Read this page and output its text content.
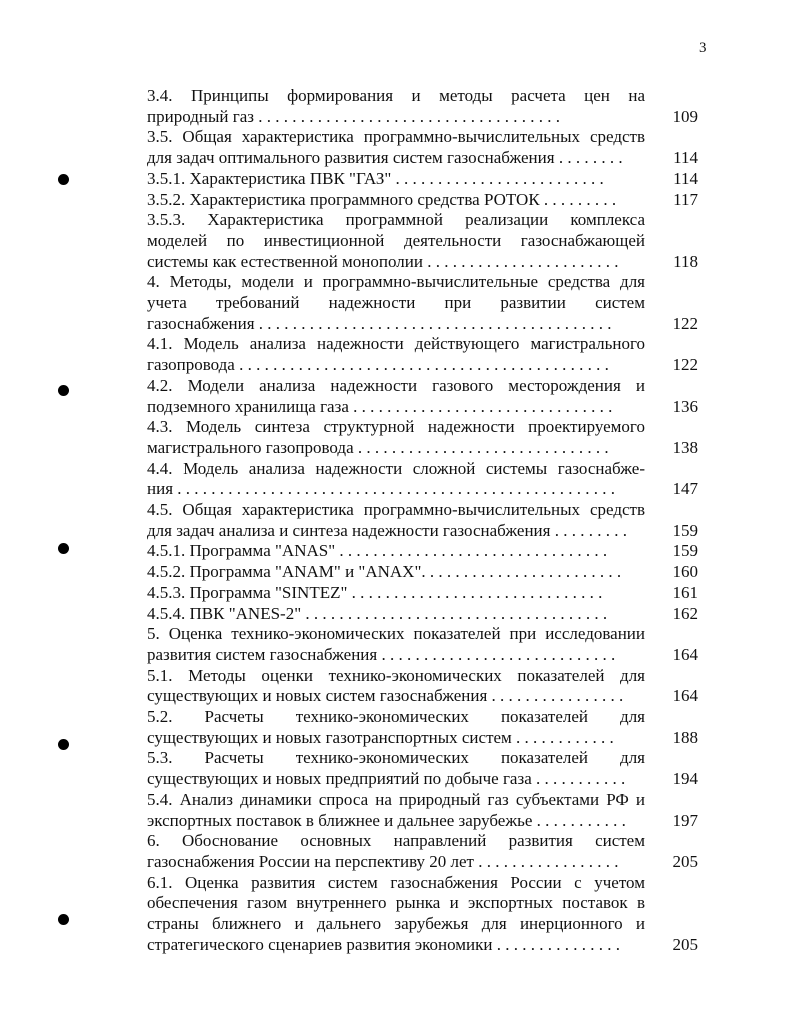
3
3.4. Принципы формирования и методы расчета цен на
природный газ . . . . . . . . . . . . . . . . . . . . . . . . . . . . . . . . . . . .	109
3.5. Общая характеристика программно-вычислительных средств
для задач оптимального развития систем газоснабжения . . . . . . . .	114
3.5.1. Характеристика ПВК "ГАЗ" . . . . . . . . . . . . . . . . . . . . . . . . .	114
3.5.2. Характеристика программного средства РОТОК . . . . . . . . .	117
3.5.3. Характеристика программной реализации комплекса
моделей по инвестиционной деятельности газоснабжающей
системы как естественной монополии . . . . . . . . . . . . . . . . . . . . . . .	118
4. Методы, модели и программно-вычислительные средства для
учета требований надежности при развитии систем
газоснабжения . . . . . . . . . . . . . . . . . . . . . . . . . . . . . . . . . . . . . . . . . .	122
4.1. Модель анализа надежности действующего магистрального
газопровода . . . . . . . . . . . . . . . . . . . . . . . . . . . . . . . . . . . . . . . . . . . .	122
4.2. Модели анализа надежности газового месторождения и
подземного хранилища газа . . . . . . . . . . . . . . . . . . . . . . . . . . . . . . .	136
4.3. Модель синтеза структурной надежности проектируемого
магистрального газопровода . . . . . . . . . . . . . . . . . . . . . . . . . . . . . .	138
4.4. Модель анализа надежности сложной системы газоснабже-
ния . . . . . . . . . . . . . . . . . . . . . . . . . . . . . . . . . . . . . . . . . . . . . . . . . . . .	147
4.5. Общая характеристика программно-вычислительных средств
для задач анализа и синтеза надежности газоснабжения . . . . . . . . .	159
4.5.1. Программа "ANAS" . . . . . . . . . . . . . . . . . . . . . . . . . . . . . . . .	159
4.5.2. Программа "ANAM" и "ANAX". . . . . . . . . . . . . . . . . . . . . . . .	160
4.5.3. Программа "SINTEZ" . . . . . . . . . . . . . . . . . . . . . . . . . . . . . .	161
4.5.4. ПВК "ANES-2" . . . . . . . . . . . . . . . . . . . . . . . . . . . . . . . . . . . .	162
5. Оценка технико-экономических показателей при исследовании
развития систем газоснабжения . . . . . . . . . . . . . . . . . . . . . . . . . . . .	164
5.1. Методы оценки технико-экономических показателей для
существующих и новых систем газоснабжения . . . . . . . . . . . . . . . .	164
5.2. Расчеты технико-экономических показателей для
существующих и новых газотранспортных систем . . . . . . . . . . . .	188
5.3. Расчеты технико-экономических показателей для
существующих и новых предприятий по добыче газа . . . . . . . . . . .	194
5.4. Анализ динамики спроса на природный газ субъектами РФ и
экспортных поставок в ближнее и дальнее зарубежье . . . . . . . . . . .	197
6. Обоснование основных направлений развития систем
газоснабжения России на перспективу 20 лет . . . . . . . . . . . . . . . . .	205
6.1. Оценка развития систем газоснабжения России с учетом
обеспечения газом внутреннего рынка и экспортных поставок в
страны ближнего и дальнего зарубежья для инерционного и
стратегического сценариев развития экономики . . . . . . . . . . . . . . .	205
